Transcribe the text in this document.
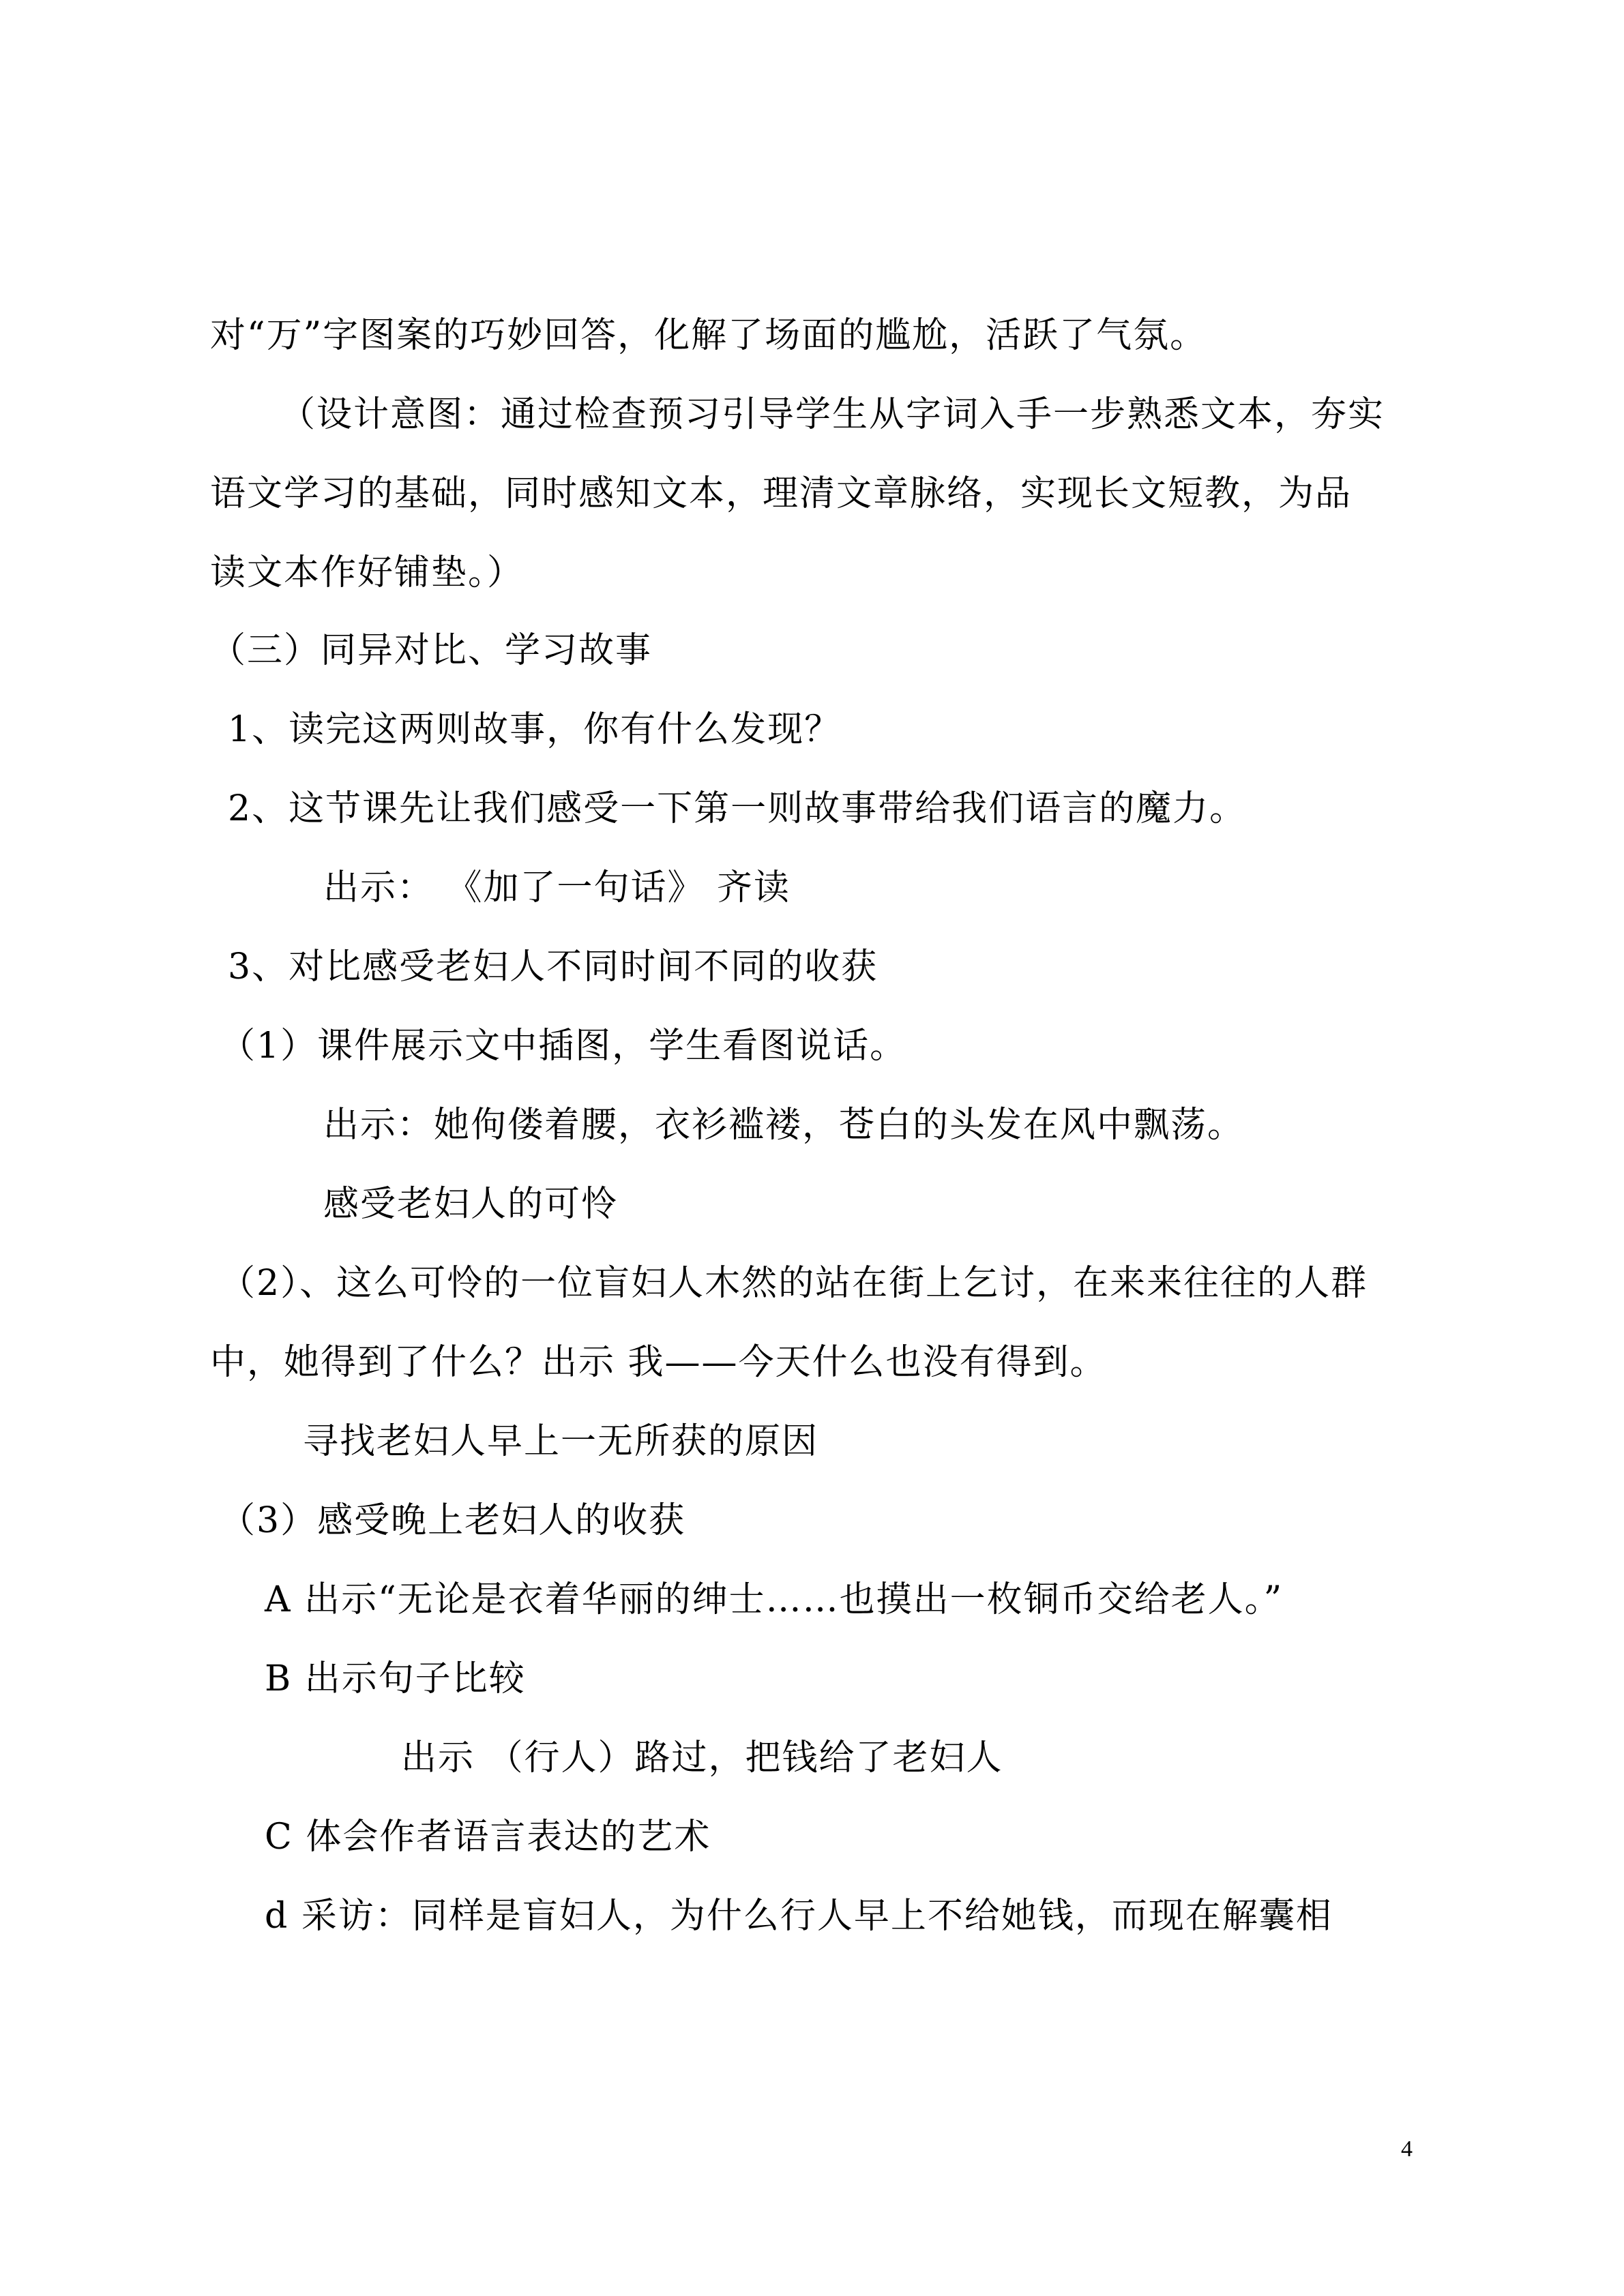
对“万”字图案的巧妙回答，化解了场面的尴尬，活跃了气氛。
（设计意图：通过检查预习引导学生从字词入手一步熟悉文本，夯实
语文学习的基础，同时感知文本，理清文章脉络，实现长文短教，为品
读文本作好铺垫。）
（三）同异对比、学习故事
1、读完这两则故事，你有什么发现？
2、这节课先让我们感受一下第一则故事带给我们语言的魔力。
出示： 《加了一句话》 齐读
3、对比感受老妇人不同时间不同的收获
（1）课件展示文中插图，学生看图说话。
出示：她佝偻着腰，衣衫褴褛，苍白的头发在风中飘荡。
感受老妇人的可怜
（2）、这么可怜的一位盲妇人木然的站在街上乞讨，在来来往往的人群
中，她得到了什么？出示 我——今天什么也没有得到。
寻找老妇人早上一无所获的原因
（3）感受晚上老妇人的收获
A 出示“无论是衣着华丽的绅士……也摸出一枚铜币交给老人。”
B 出示句子比较
出示 （行人）路过，把钱给了老妇人
C 体会作者语言表达的艺术
d 采访：同样是盲妇人，为什么行人早上不给她钱，而现在解囊相
4
